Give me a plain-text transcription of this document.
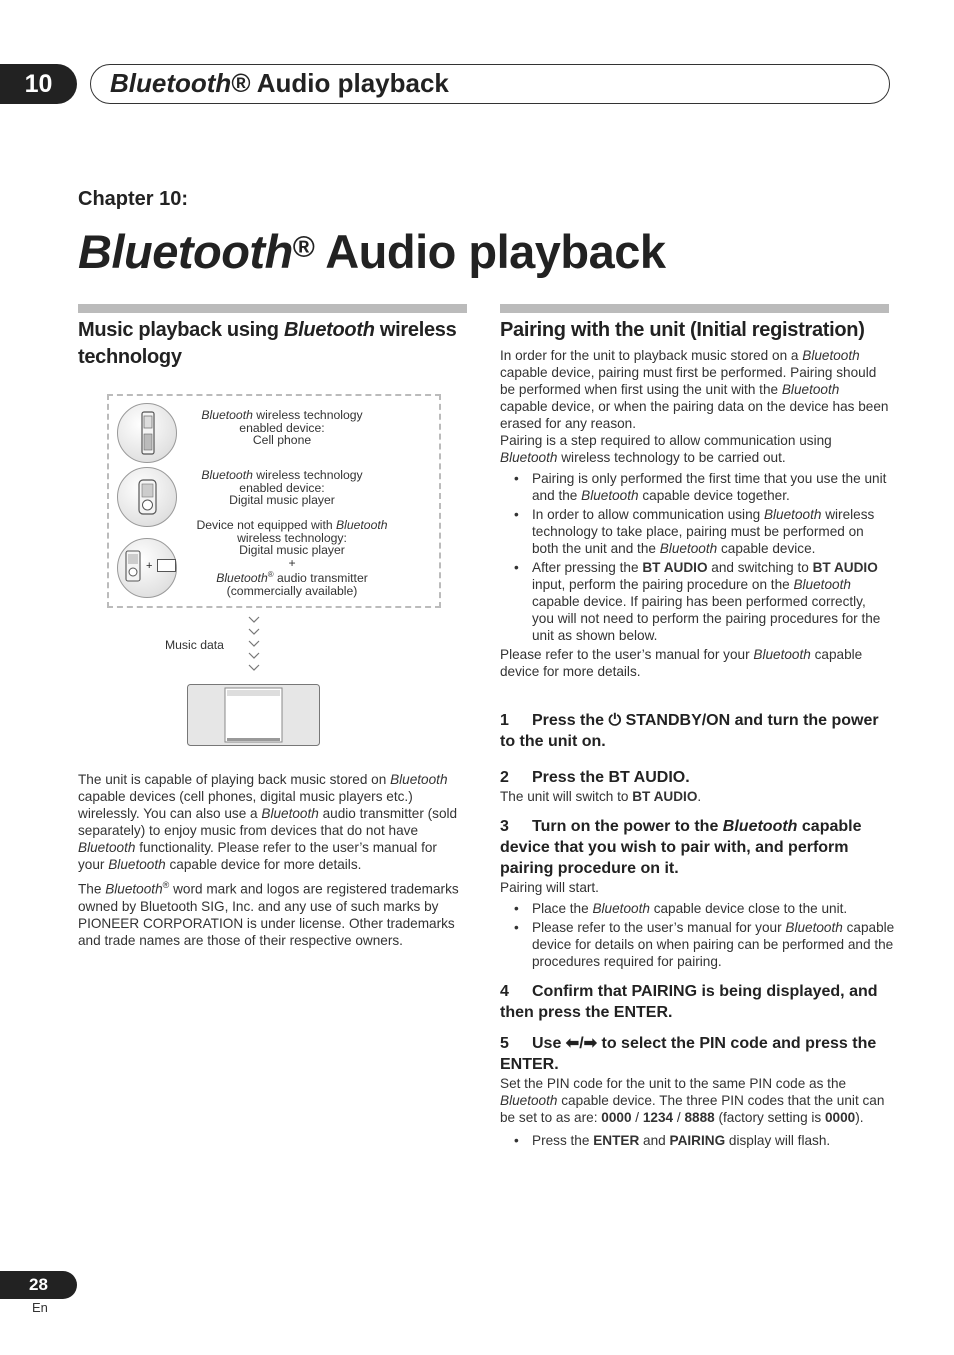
10	Bluetooth® Audio playback
Chapter 10:
Bluetooth® Audio playback
Music playback using Bluetooth wireless technology
Bluetooth wireless technology
enabled device:
Cell phone
Bluetooth wireless technology
enabled device:
Digital music player
+
Device not equipped with Bluetooth
wireless technology:
Digital music player
+
Bluetooth® audio transmitter
(commercially available)
Music data

The unit is capable of playing back music stored on Bluetooth capable devices (cell phones, digital music players etc.) wirelessly. You can also use a Bluetooth audio transmitter (sold separately) to enjoy music from devices that do not have Bluetooth functionality. Please refer to the user’s manual for your Bluetooth capable device for more details.

The Bluetooth® word mark and logos are registered trademarks owned by Bluetooth SIG, Inc. and any use of such marks by PIONEER CORPORATION is under license. Other trademarks and trade names are those of their respective owners.

Pairing with the unit (Initial registration)

In order for the unit to playback music stored on a Bluetooth capable device, pairing must first be performed. Pairing should be performed when first using the unit with the Bluetooth capable device, or when the pairing data on the device has been erased for any reason.

Pairing is a step required to allow communication using Bluetooth wireless technology to be carried out.

• Pairing is only performed the first time that you use the unit and the Bluetooth capable device together.
• In order to allow communication using Bluetooth wireless technology to take place, pairing must be performed on both the unit and the Bluetooth capable device.
• After pressing the BT AUDIO and switching to BT AUDIO input, perform the pairing procedure on the Bluetooth capable device. If pairing has been performed correctly, you will not need to perform the pairing procedures for the unit as shown below.

Please refer to the user’s manual for your Bluetooth capable device for more details.

1 Press the ⏻ STANDBY/ON and turn the power to the unit on.

2 Press the BT AUDIO.

The unit will switch to BT AUDIO.

3 Turn on the power to the Bluetooth capable device that you wish to pair with, and perform pairing procedure on it.

Pairing will start.

• Place the Bluetooth capable device close to the unit.
• Please refer to the user’s manual for your Bluetooth capable device for details on when pairing can be performed and the procedures required for pairing.

4 Confirm that PAIRING is being displayed, and then press the ENTER.

5 Use ⬅/➡ to select the PIN code and press the ENTER.

Set the PIN code for the unit to the same PIN code as the Bluetooth capable device. The three PIN codes that the unit can be set to as are: 0000 / 1234 / 8888 (factory setting is 0000).

• Press the ENTER and PAIRING display will flash.
28
En
